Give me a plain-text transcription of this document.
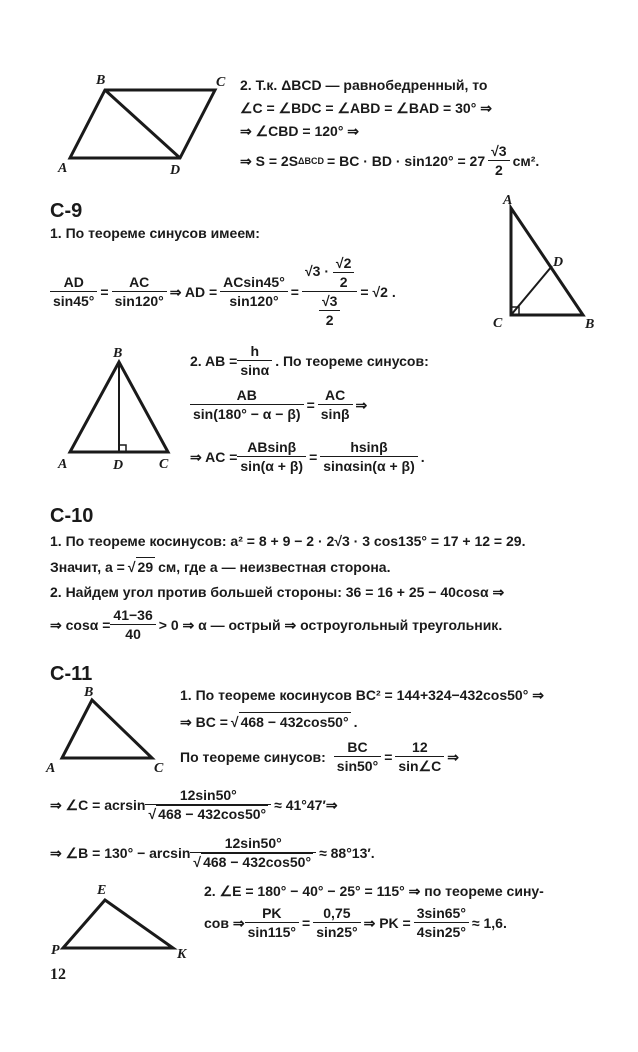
B	C
A	D
2. Т.к. ΔBCD — равнобедренный, то
∠C = ∠BDC = ∠ABD = ∠BAD = 30° ⇒
⇒ ∠CBD = 120° ⇒
⇒ S = 2S ΔBCD = BC · BD · $\sin 120^\circ = 27 \frac{√3}{2} см^2$.
С-9
1. По теореме синусов имеем:
$\frac{AD}{\sin 45^\circ} = \frac{AC}{\sin 120^\circ}$ ⇒ AD = $\frac{ACsin45^\circ}{\sin 120^\circ} = \frac{√3 \cdot \frac{√2}{2}}{\frac{√3}{2}} = √2$ .
A
D
C	B
B
A	D	C
2. AB = $\frac{h}{\sin\alpha}$ . По теореме синусов:
$\frac{AB}{\sin(180^\circ - \alpha - \beta)} = \frac{AC}{\sin\beta}$ ⇒
⇒ AC = $\frac{ABsin\beta}{\sin(\alpha + \beta)} = \frac{hsin\beta}{\sin\alpha\sin(\alpha + \beta)}$ .
С-10
1. По теореме косинусов: a² = 8 + 9 − 2 · 2√3 · 3 cos135° = 17 + 12 = 29.
Значит, a = √ 29 см, где a — неизвестная сторона.
2. Найдем угол против большей стороны: 36 = 16 + 25 − 40cosα ⇒
⇒ $\cos\alpha = \frac{41-36}{40} > 0$ ⇒ α — острый ⇒ остроугольный треугольник.
С-11
B
A	C
1. По теореме косинусов BC² = 144+324−432cos50° ⇒
⇒ BC = √ 468 − 432cos50° .
По теореме синусов: $\frac{BC}{\sin 50^\circ} = \frac{12}{\sin\angle C}$ ⇒
⇒ ∠C = acrsin $\frac{12\sin 50^\circ}{√ 468 - 432\cos 50^\circ}$ ≈ 41°47′⇒
⇒ ∠B = $130^\circ - \arcsin \frac{12\sin 50^\circ}{√ 468 - 432\cos 50^\circ} \approx 88^\circ 13'$.
E
P	K
2. ∠E = 180° − 40° − 25° = 115° ⇒ по теореме сину-
сов ⇒ $\frac{PK}{\sin 115^\circ} = \frac{0,75}{\sin 25^\circ}$ ⇒ PK = $\frac{3\sin 65^\circ}{4\sin 25^\circ} \approx 1,6$.
12
